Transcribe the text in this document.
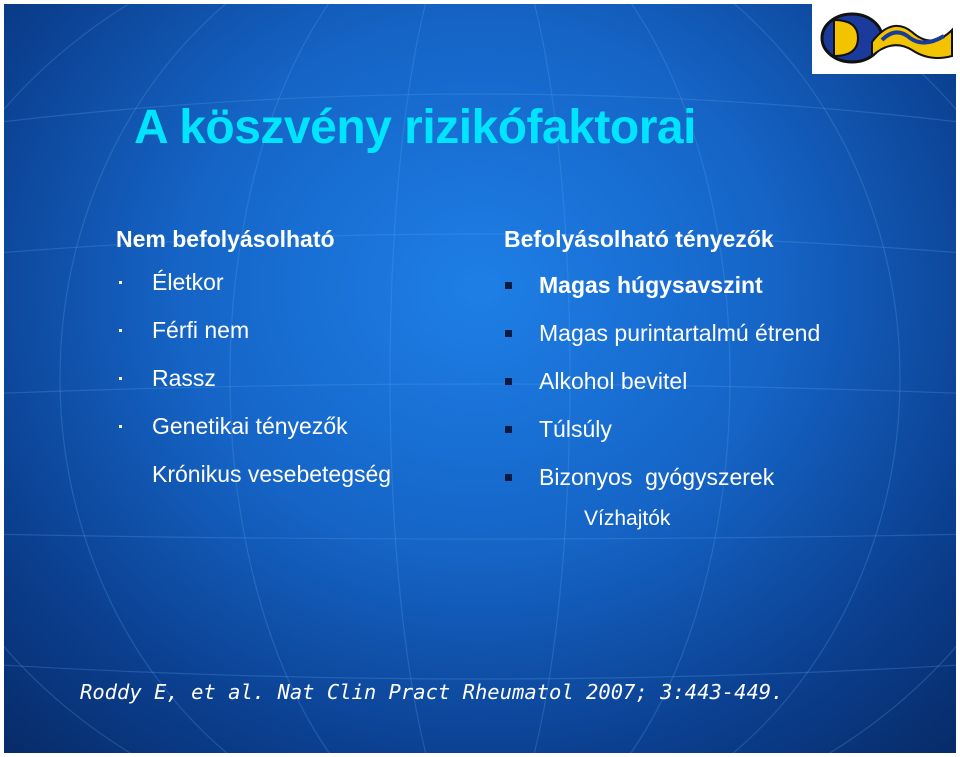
A köszvény rizikófaktorai
Nem befolyásolható
Életkor
Férfi nem
Rassz
Genetikai tényezők
Krónikus vesebetegség
Befolyásolható tényezők
Magas húgysavszint
Magas purintartalmú étrend
Alkohol bevitel
Túlsúly
Bizonyos  gyógyszerek
Vízhajtók
Roddy E, et al. Nat Clin Pract Rheumatol 2007; 3:443-449.
